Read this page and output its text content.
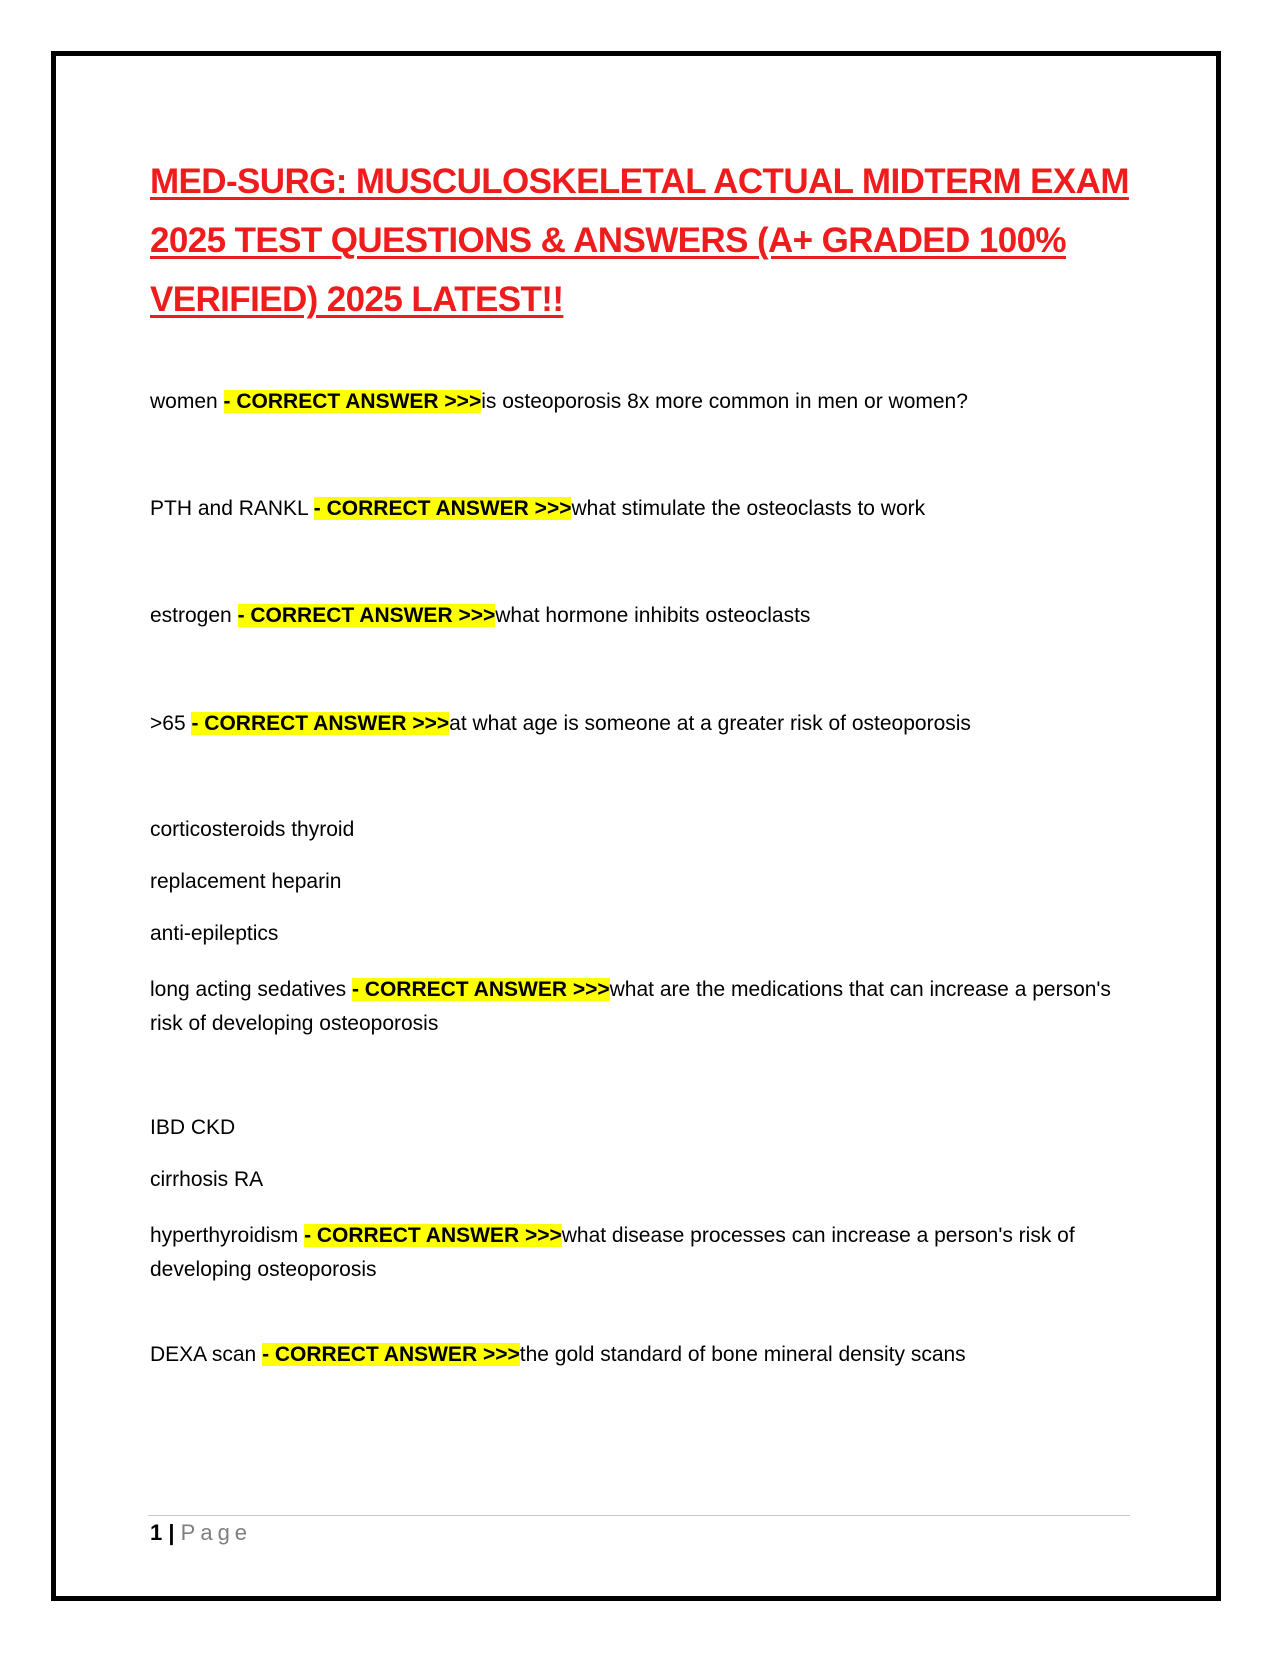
MED-SURG: MUSCULOSKELETAL ACTUAL MIDTERM EXAM 2025 TEST QUESTIONS & ANSWERS (A+ GRADED 100% VERIFIED) 2025 LATEST!!

women - CORRECT ANSWER >>>is osteoporosis 8x more common in men or women?

PTH and RANKL - CORRECT ANSWER >>>what stimulate the osteoclasts to work

estrogen - CORRECT ANSWER >>>what hormone inhibits osteoclasts

>65 - CORRECT ANSWER >>>at what age is someone at a greater risk of osteoporosis

corticosteroids thyroid

replacement heparin

anti-epileptics

long acting sedatives - CORRECT ANSWER >>>what are the medications that can increase a person's risk of developing osteoporosis

IBD CKD

cirrhosis RA

hyperthyroidism - CORRECT ANSWER >>>what disease processes can increase a person's risk of developing osteoporosis

DEXA scan - CORRECT ANSWER >>>the gold standard of bone mineral density scans

1 | Page
